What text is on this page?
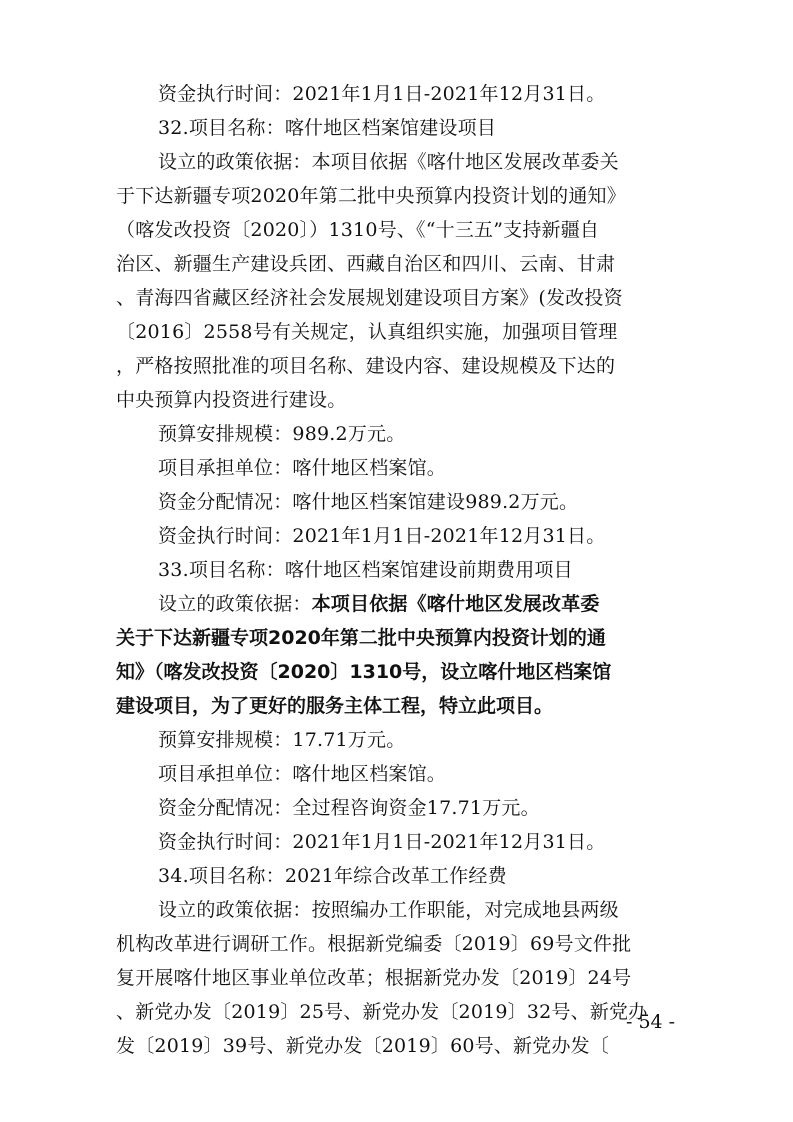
资金执行时间：2021年1月1日-2021年12月31日。
32.项目名称：喀什地区档案馆建设项目
设立的政策依据：本项目依据《喀什地区发展改革委关
于下达新疆专项2020年第二批中央预算内投资计划的通知》
（喀发改投资〔2020〕）1310号、《“十三五”支持新疆自
治区、新疆生产建设兵团、西藏自治区和四川、云南、甘肃
、青海四省藏区经济社会发展规划建设项目方案》(发改投资
〔2016〕2558号有关规定，认真组织实施，加强项目管理
，严格按照批准的项目名称、建设内容、建设规模及下达的
中央预算内投资进行建设。
预算安排规模：989.2万元。
项目承担单位：喀什地区档案馆。
资金分配情况：喀什地区档案馆建设989.2万元。
资金执行时间：2021年1月1日-2021年12月31日。
33.项目名称：喀什地区档案馆建设前期费用项目
设立的政策依据：本项目依据《喀什地区发展改革委
关于下达新疆专项2020年第二批中央预算内投资计划的通
知》（喀发改投资〔2020〕1310号，设立喀什地区档案馆
建设项目，为了更好的服务主体工程，特立此项目。
预算安排规模：17.71万元。
项目承担单位：喀什地区档案馆。
资金分配情况：全过程咨询资金17.71万元。
资金执行时间：2021年1月1日-2021年12月31日。
34.项目名称：2021年综合改革工作经费
设立的政策依据：按照编办工作职能，对完成地县两级
机构改革进行调研工作。根据新党编委〔2019〕69号文件批
复开展喀什地区事业单位改革；根据新党办发〔2019〕24号
、新党办发〔2019〕25号、新党办发〔2019〕32号、新党办
发〔2019〕39号、新党办发〔2019〕60号、新党办发〔
- 54 -
